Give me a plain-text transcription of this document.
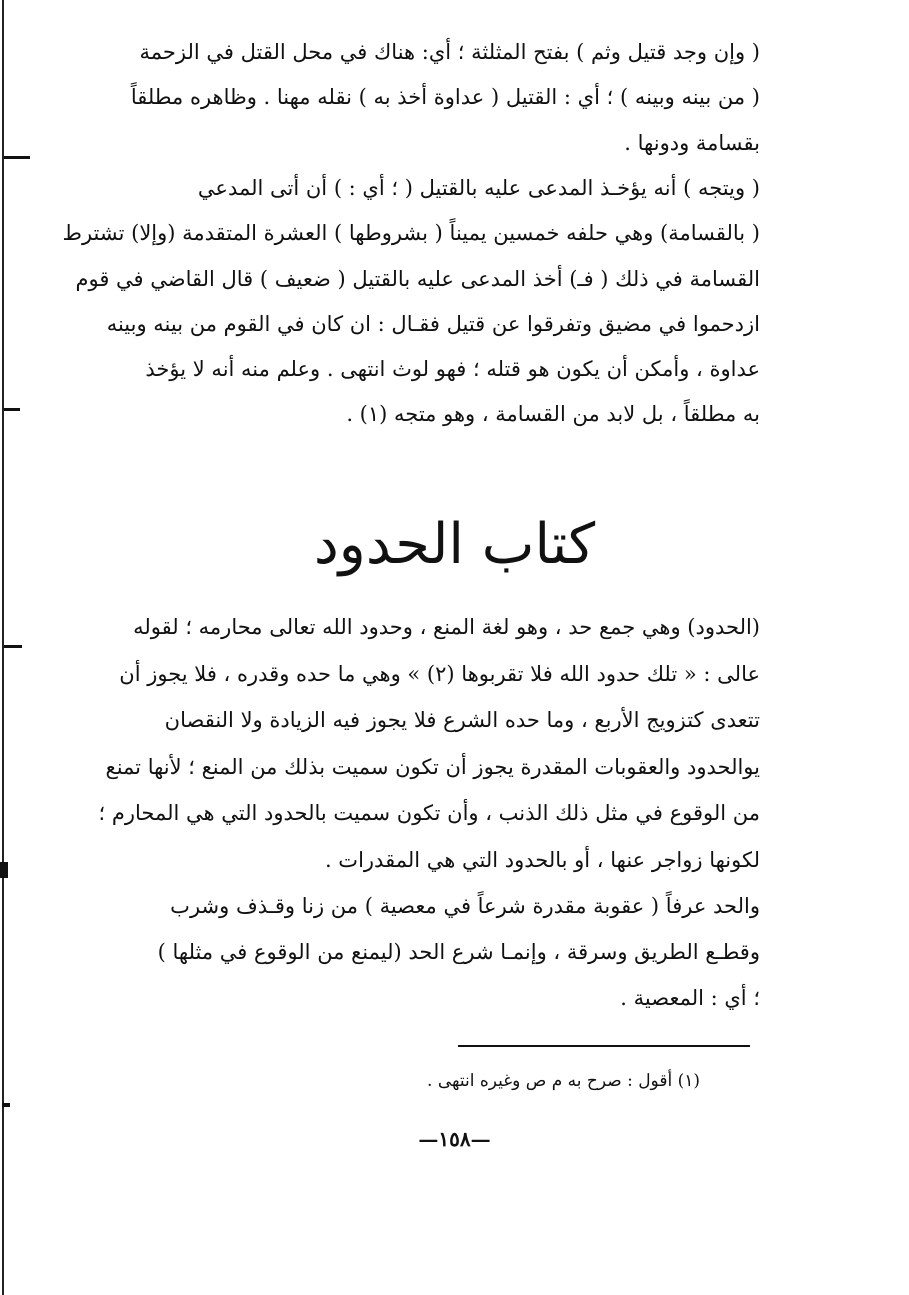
( وإن وجد قتيل وثم ) بفتح المثلثة ؛ أي: هناك في محل القتل في الزحمة
( من بينه وبينه ) ؛ أي : القتيل ( عداوة أخذ به ) نقله مهنا . وظاهره مطلقاً
بقسامة ودونها .
( ويتجه ) أنه يؤخـذ المدعى عليه بالقتيل ( ؛ أي : ) أن أتى المدعي
( بالقسامة) وهي حلفه خمسين يميناً ( بشروطها ) العشرة المتقدمة (وإلا) تشترط
القسامة في ذلك ( فـ) أخذ المدعى عليه بالقتيل ( ضعيف ) قال القاضي في قوم
ازدحموا في مضيق وتفرقوا عن قتيل فقـال : ان كان في القوم من بينه وبينه
عداوة ، وأمكن أن يكون هو قتله ؛ فهو لوث انتهى . وعلم منه أنه لا يؤخذ
به مطلقاً ، بل لابد من القسامة ، وهو متجه (١) .
كتاب الحدود
(الحدود) وهي جمع حد ، وهو لغة المنع ، وحدود الله تعالى محارمه ؛ لقوله
عالى : « تلك حدود الله فلا تقربوها (٢) » وهي ما حده وقدره ، فلا يجوز أن
تتعدى كتزويج الأربع ، وما حده الشرع فلا يجوز فيه الزيادة ولا النقصان
يوالحدود والعقوبات المقدرة يجوز أن تكون سميت بذلك من المنع ؛ لأنها تمنع
من الوقوع في مثل ذلك الذنب ، وأن تكون سميت بالحدود التي هي المحارم ؛
لكونها زواجر عنها ، أو بالحدود التي هي المقدرات .
والحد عرفاً ( عقوبة مقدرة شرعاً في معصية ) من زنا وقـذف وشرب
وقطـع الطريق وسرقة ، وإنمـا شرع الحد (ليمنع من الوقوع في مثلها )
؛ أي : المعصية .
(١) أقول : صرح به م ص وغيره انتهى .
—١٥٨—
